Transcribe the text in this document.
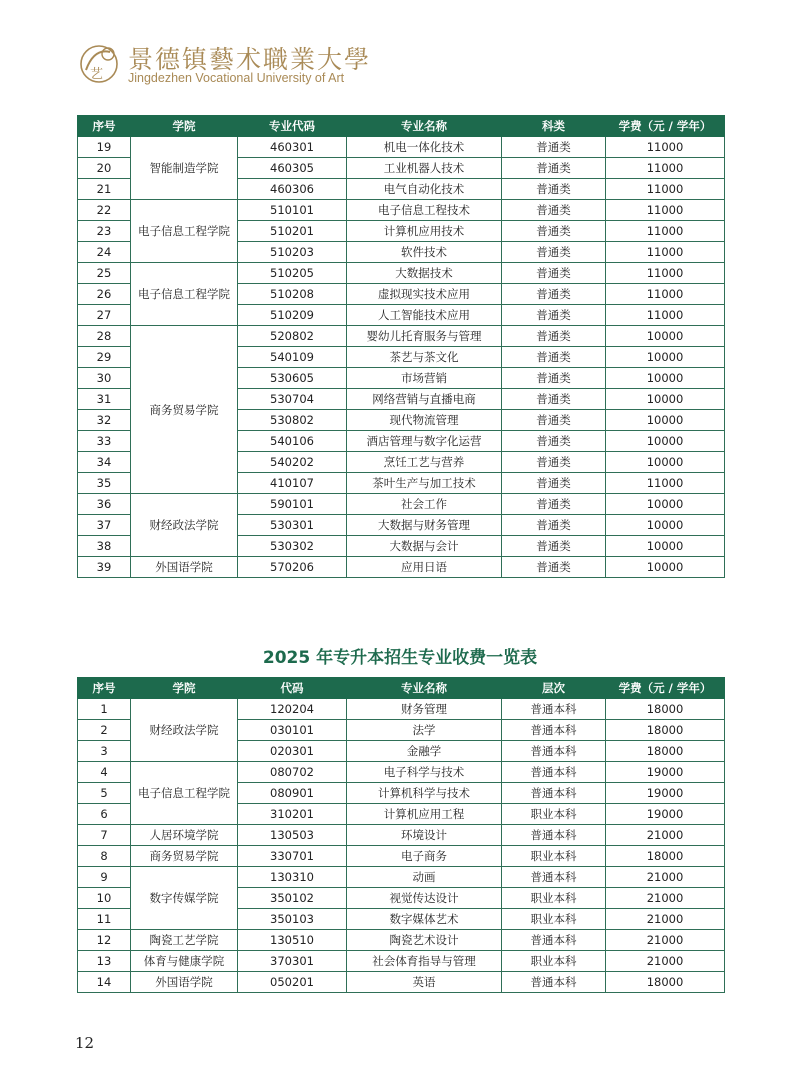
艺
景德镇藝术職業大學
Jingdezhen Vocational University of Art
序号	学院	专业代码	专业名称	科类	学费（元 / 学年）
19	智能制造学院	460301	机电一体化技术	普通类	11000
20		460305	工业机器人技术	普通类	11000
21		460306	电气自动化技术	普通类	11000
22	电子信息工程学院	510101	电子信息工程技术	普通类	11000
23		510201	计算机应用技术	普通类	11000
24		510203	软件技术	普通类	11000
25	电子信息工程学院	510205	大数据技术	普通类	11000
26		510208	虚拟现实技术应用	普通类	11000
27		510209	人工智能技术应用	普通类	11000
28	商务贸易学院	520802	婴幼儿托育服务与管理	普通类	10000
29		540109	茶艺与茶文化	普通类	10000
30		530605	市场营销	普通类	10000
31		530704	网络营销与直播电商	普通类	10000
32		530802	现代物流管理	普通类	10000
33		540106	酒店管理与数字化运营	普通类	10000
34		540202	烹饪工艺与营养	普通类	10000
35		410107	茶叶生产与加工技术	普通类	11000
36	财经政法学院	590101	社会工作	普通类	10000
37		530301	大数据与财务管理	普通类	10000
38		530302	大数据与会计	普通类	10000
39	外国语学院	570206	应用日语	普通类	10000
2025 年专升本招生专业收费一览表
序号	学院	代码	专业名称	层次	学费（元 / 学年）
1	财经政法学院	120204	财务管理	普通本科	18000
2		030101	法学	普通本科	18000
3		020301	金融学	普通本科	18000
4	电子信息工程学院	080702	电子科学与技术	普通本科	19000
5		080901	计算机科学与技术	普通本科	19000
6		310201	计算机应用工程	职业本科	19000
7	人居环境学院	130503	环境设计	普通本科	21000
8	商务贸易学院	330701	电子商务	职业本科	18000
9	数字传媒学院	130310	动画	普通本科	21000
10		350102	视觉传达设计	职业本科	21000
11		350103	数字媒体艺术	职业本科	21000
12	陶瓷工艺学院	130510	陶瓷艺术设计	普通本科	21000
13	体育与健康学院	370301	社会体育指导与管理	职业本科	21000
14	外国语学院	050201	英语	普通本科	18000
12
